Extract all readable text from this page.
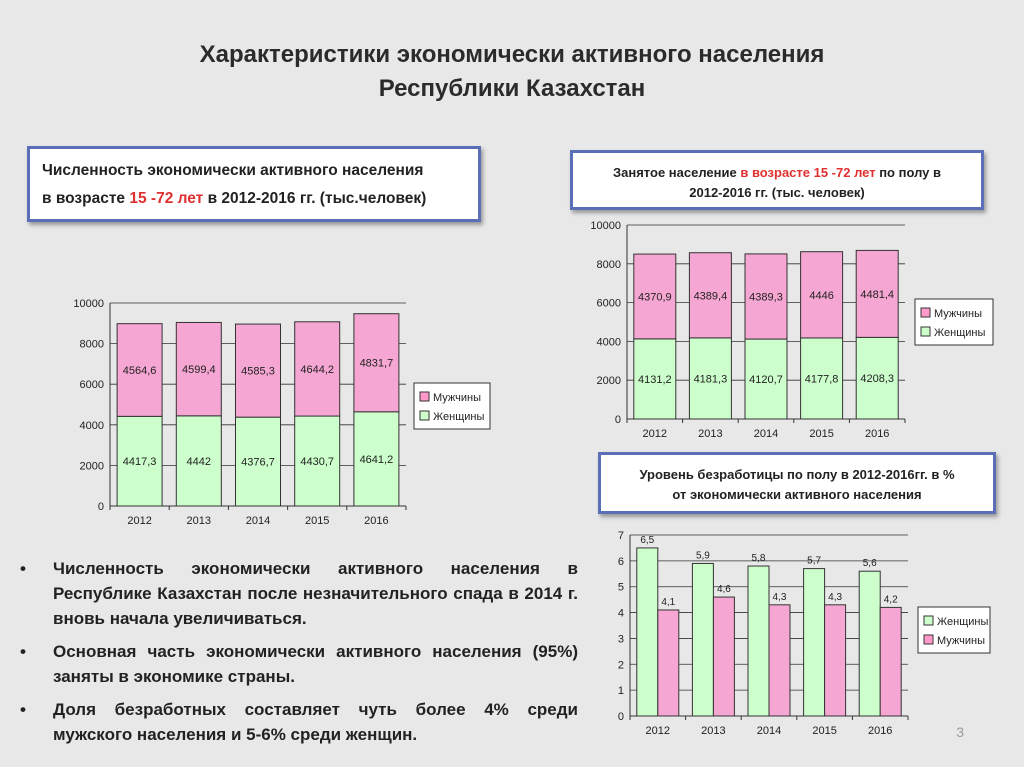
Характеристики экономически активного населения
Республики Казахстан
Численность экономически активного населения
в возрасте 15 -72 лет в 2012-2016 гг. (тыс.человек)
Занятое население в возрасте 15 -72 лет по полу в
2012-2016 гг. (тыс. человек)
Уровень безработицы по полу в 2012-2016гг. в %
от экономически активного населения
0
2000
4000
6000
8000
10000
4417,3
4564,6
2012
4442
4599,4
2013
4376,7
4585,3
2014
4430,7
4644,2
2015
4641,2
4831,7
2016
Мужчины
Женщины	0
2000
4000
6000
8000
10000
4131,2
4370,9
2012
4181,3
4389,4
2013
4120,7
4389,3
2014
4177,8
4446
2015
4208,3
4481,4
2016
Мужчины
Женщины
0
1
2
3
4
5
6
7 6,5
4,1
2012
5,9
4,6
2013
5,8
4,3
2014
5,7
4,3
2015
5,6
4,2
2016
Женщины
Мужчины
• Численность экономически активного населения в Республике Казахстан после незначительного спада в 2014 г. вновь начала увеличиваться.
• Основная часть экономически активного населения (95%) заняты в экономике страны.
• Доля безработных составляет чуть более 4% среди мужского населения и 5-6% среди женщин.	3
